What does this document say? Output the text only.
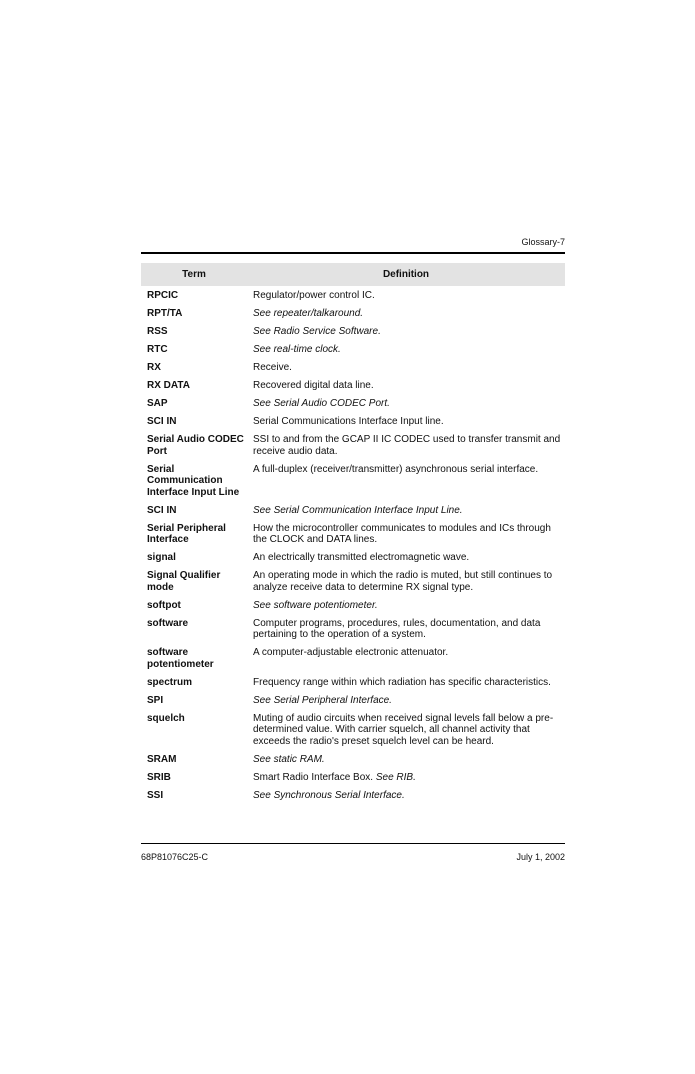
Glossary-7
Term	Definition
RPCIC	Regulator/power control IC.
RPT/TA	See repeater/talkaround.
RSS	See Radio Service Software.
RTC	See real-time clock.
RX	Receive.
RX DATA	Recovered digital data line.
SAP	See Serial Audio CODEC Port.
SCI IN	Serial Communications Interface Input line.
Serial Audio CODEC Port	SSI to and from the GCAP II IC CODEC used to transfer transmit and receive audio data.
Serial Communication Interface Input Line	A full-duplex (receiver/transmitter) asynchronous serial interface.
SCI IN	See Serial Communication Interface Input Line.
Serial Peripheral Interface	How the microcontroller communicates to modules and ICs through the CLOCK and DATA lines.
signal	An electrically transmitted electromagnetic wave.
Signal Qualifier mode	An operating mode in which the radio is muted, but still continues to analyze receive data to determine RX signal type.
softpot	See software potentiometer.
software	Computer programs, procedures, rules, documentation, and data pertaining to the operation of a system.
software potentiometer	A computer-adjustable electronic attenuator.
spectrum	Frequency range within which radiation has specific characteristics.
SPI	See Serial Peripheral Interface.
squelch	Muting of audio circuits when received signal levels fall below a pre-determined value. With carrier squelch, all channel activity that exceeds the radio's preset squelch level can be heard.
SRAM	See static RAM.
SRIB	Smart Radio Interface Box. See RIB.
SSI	See Synchronous Serial Interface.
68P81076C25-C	July 1, 2002
